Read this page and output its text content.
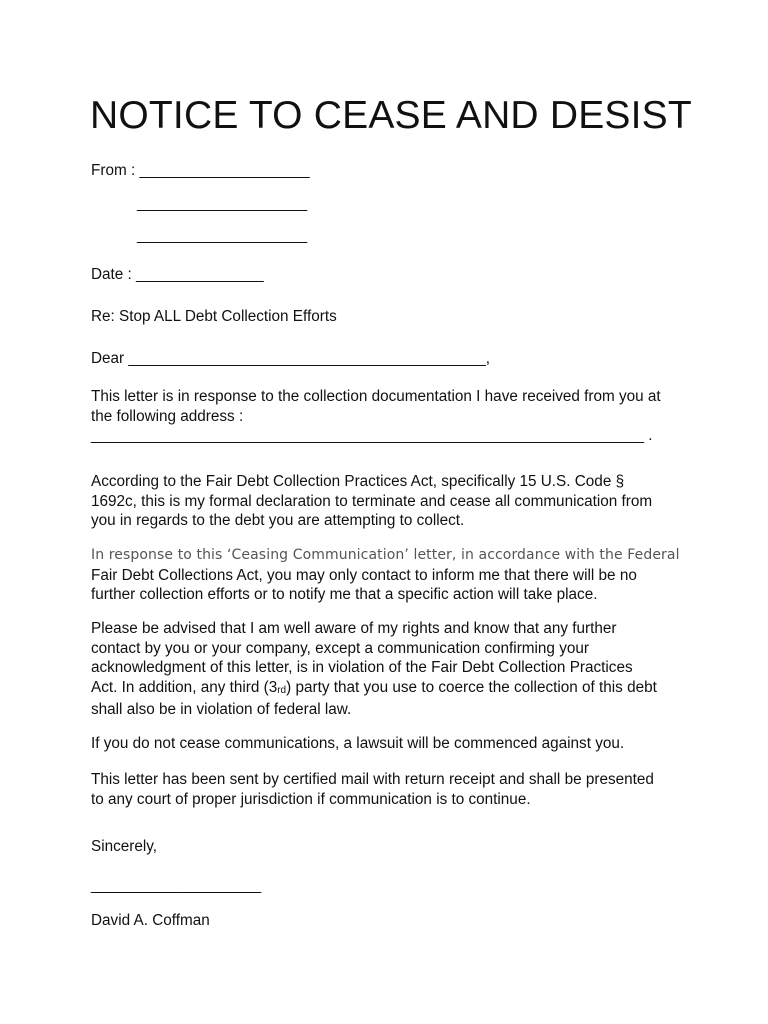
NOTICE TO CEASE AND DESIST
From : ____________________
____________________
____________________
Date : _______________
Re: Stop ALL Debt Collection Efforts
Dear __________________________________________,
This letter is in response to the collection documentation I have received from you at
the following address :
_________________________________________________________________ .
According to the Fair Debt Collection Practices Act, specifically 15 U.S. Code §
1692c, this is my formal declaration to terminate and cease all communication from
you in regards to the debt you are attempting to collect.
In response to this ‘Ceasing Communication’ letter, in accordance with the Federal
Fair Debt Collections Act, you may only contact to inform me that there will be no
further collection efforts or to notify me that a specific action will take place.
Please be advised that I am well aware of my rights and know that any further
contact by you or your company, except a communication confirming your
acknowledgment of this letter, is in violation of the Fair Debt Collection Practices
Act. In addition, any third $(3_{rd})$ party that you use to coerce the collection of this debt
shall also be in violation of federal law.
If you do not cease communications, a lawsuit will be commenced against you.
This letter has been sent by certified mail with return receipt and shall be presented
to any court of proper jurisdiction if communication is to continue.
Sincerely,
____________________
David A. Coffman
